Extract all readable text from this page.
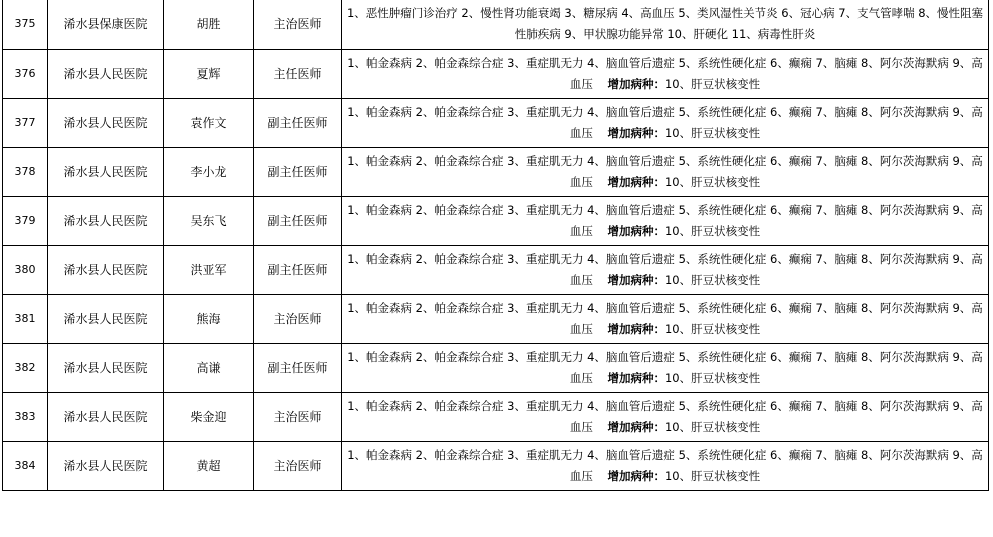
375	浠水县保康医院	胡胜	主治医师	1、恶性肿瘤门诊治疗 2、慢性肾功能衰竭 3、糖尿病 4、高血压 5、类风湿性关节炎 6、冠心病 7、支气管哮喘 8、慢性阻塞性肺疾病 9、甲状腺功能异常 10、肝硬化 11、病毒性肝炎
376	浠水县人民医院	夏辉	主任医师	1、帕金森病 2、帕金森综合症 3、重症肌无力 4、脑血管后遗症 5、系统性硬化症 6、癫痫 7、脑瘫 8、阿尔茨海默病 9、高血压 增加病种：10、肝豆状核变性
377	浠水县人民医院	袁作文	副主任医师	1、帕金森病 2、帕金森综合症 3、重症肌无力 4、脑血管后遗症 5、系统性硬化症 6、癫痫 7、脑瘫 8、阿尔茨海默病 9、高血压 增加病种：10、肝豆状核变性
378	浠水县人民医院	李小龙	副主任医师	1、帕金森病 2、帕金森综合症 3、重症肌无力 4、脑血管后遗症 5、系统性硬化症 6、癫痫 7、脑瘫 8、阿尔茨海默病 9、高血压 增加病种：10、肝豆状核变性
379	浠水县人民医院	吴东飞	副主任医师	1、帕金森病 2、帕金森综合症 3、重症肌无力 4、脑血管后遗症 5、系统性硬化症 6、癫痫 7、脑瘫 8、阿尔茨海默病 9、高血压 增加病种：10、肝豆状核变性
380	浠水县人民医院	洪亚军	副主任医师	1、帕金森病 2、帕金森综合症 3、重症肌无力 4、脑血管后遗症 5、系统性硬化症 6、癫痫 7、脑瘫 8、阿尔茨海默病 9、高血压 增加病种：10、肝豆状核变性
381	浠水县人民医院	熊海	主治医师	1、帕金森病 2、帕金森综合症 3、重症肌无力 4、脑血管后遗症 5、系统性硬化症 6、癫痫 7、脑瘫 8、阿尔茨海默病 9、高血压 增加病种：10、肝豆状核变性
382	浠水县人民医院	高谦	副主任医师	1、帕金森病 2、帕金森综合症 3、重症肌无力 4、脑血管后遗症 5、系统性硬化症 6、癫痫 7、脑瘫 8、阿尔茨海默病 9、高血压 增加病种：10、肝豆状核变性
383	浠水县人民医院	柴金迎	主治医师	1、帕金森病 2、帕金森综合症 3、重症肌无力 4、脑血管后遗症 5、系统性硬化症 6、癫痫 7、脑瘫 8、阿尔茨海默病 9、高血压 增加病种：10、肝豆状核变性
384	浠水县人民医院	黄超	主治医师	1、帕金森病 2、帕金森综合症 3、重症肌无力 4、脑血管后遗症 5、系统性硬化症 6、癫痫 7、脑瘫 8、阿尔茨海默病 9、高血压 增加病种：10、肝豆状核变性
